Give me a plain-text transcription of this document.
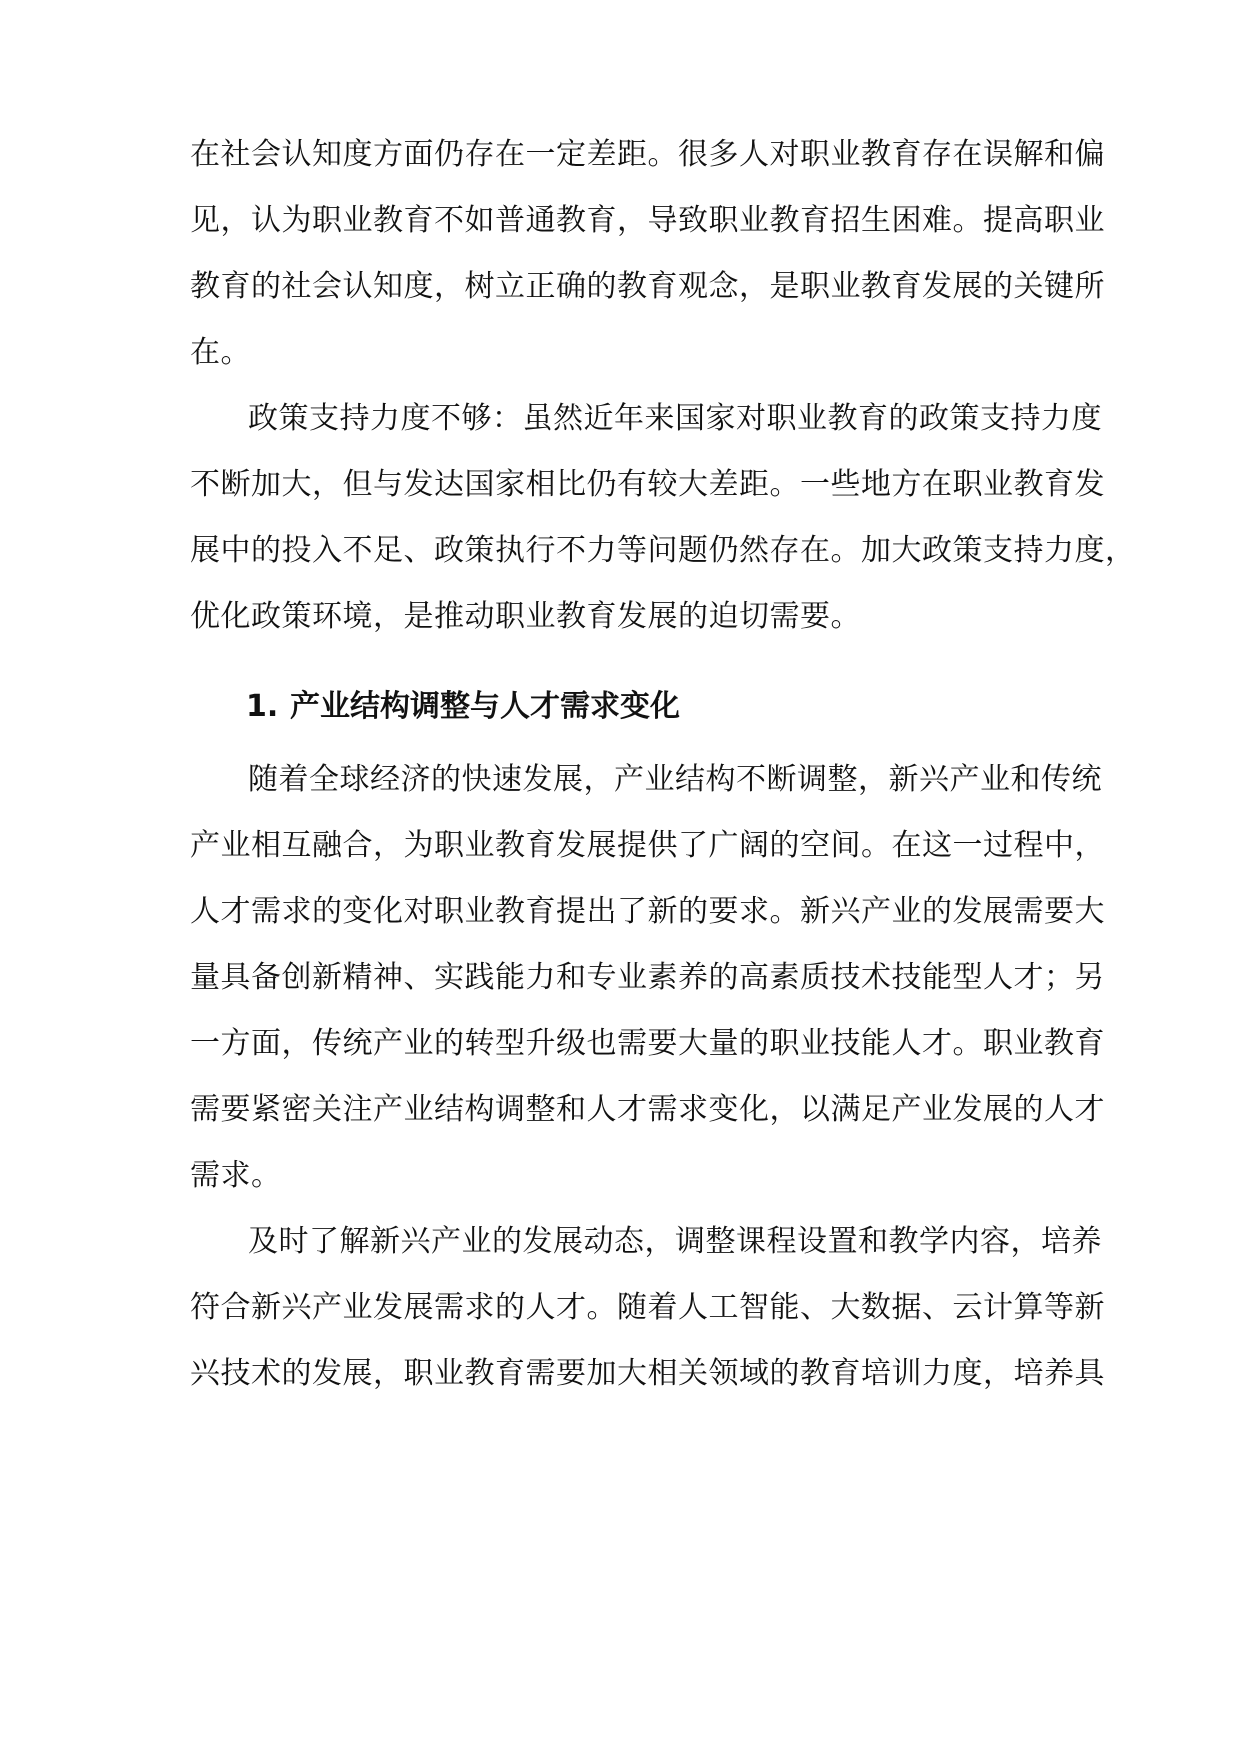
在社会认知度方面仍存在一定差距。很多人对职业教育存在误解和偏
见，认为职业教育不如普通教育，导致职业教育招生困难。提高职业
教育的社会认知度，树立正确的教育观念，是职业教育发展的关键所
在。
政策支持力度不够：虽然近年来国家对职业教育的政策支持力度
不断加大，但与发达国家相比仍有较大差距。一些地方在职业教育发
展中的投入不足、政策执行不力等问题仍然存在。加大政策支持力度，
优化政策环境，是推动职业教育发展的迫切需要。
1. 产业结构调整与人才需求变化
随着全球经济的快速发展，产业结构不断调整，新兴产业和传统
产业相互融合，为职业教育发展提供了广阔的空间。在这一过程中，
人才需求的变化对职业教育提出了新的要求。新兴产业的发展需要大
量具备创新精神、实践能力和专业素养的高素质技术技能型人才；另
一方面，传统产业的转型升级也需要大量的职业技能人才。职业教育
需要紧密关注产业结构调整和人才需求变化，以满足产业发展的人才
需求。
及时了解新兴产业的发展动态，调整课程设置和教学内容，培养
符合新兴产业发展需求的人才。随着人工智能、大数据、云计算等新
兴技术的发展，职业教育需要加大相关领域的教育培训力度，培养具
